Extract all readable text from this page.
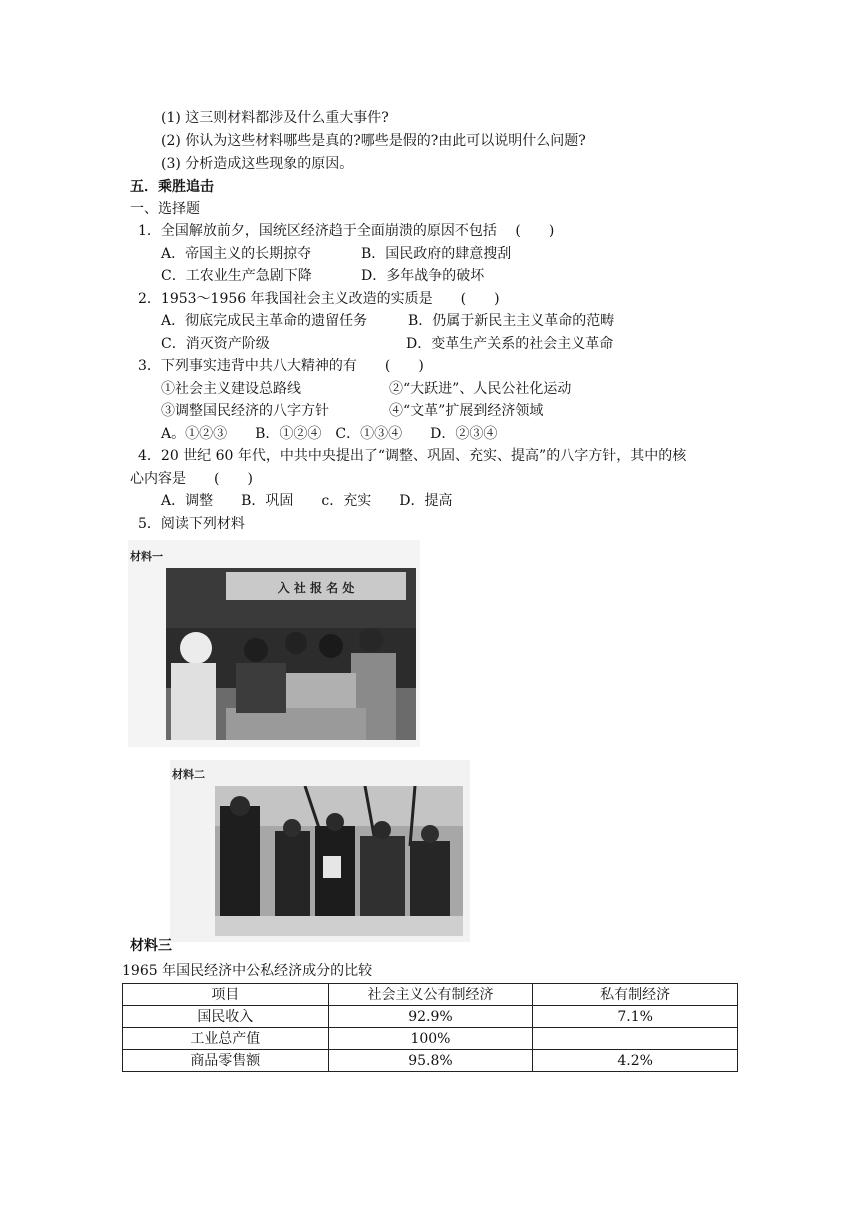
(1) 这三则材料都涉及什么重大事件?
(2) 你认为这些材料哪些是真的?哪些是假的?由此可以说明什么问题?
(3) 分析造成这些现象的原因。
五．乘胜追击
一、选择题
1．全国解放前夕，国统区经济趋于全面崩溃的原因不包括　 (　　)
A．帝国主义的长期掠夺	B．国民政府的肆意搜刮
C．工农业生产急剧下降	D．多年战争的破坏
2．1953～1956 年我国社会主义改造的实质是　　(　　)
A．彻底完成民主革命的遗留任务	B．仍属于新民主主义革命的范畴
C．消灭资产阶级	D．变革生产关系的社会主义革命
3．下列事实违背中共八大精神的有　　(　　)
①社会主义建设总路线	②“大跃进”、人民公社化运动
③调整国民经济的八字方针	④“文革”扩展到经济领域
A。①②③　　B．①②④　C．①③④　　D．②③④
4．20 世纪 60 年代，中共中央提出了“调整、巩固、充实、提高”的八字方针，其中的核
心内容是　　(　　)
A．调整　　B．巩固　　c．充实　　D．提高
5．阅读下列材料
材料一
入 社 报 名 处
材料二
材料三
1965 年国民经济中公私经济成分的比较
项目	社会主义公有制经济	私有制经济
国民收入	92.9%	7.1%
工业总产值	100%	
商品零售额	95.8%	4.2%
